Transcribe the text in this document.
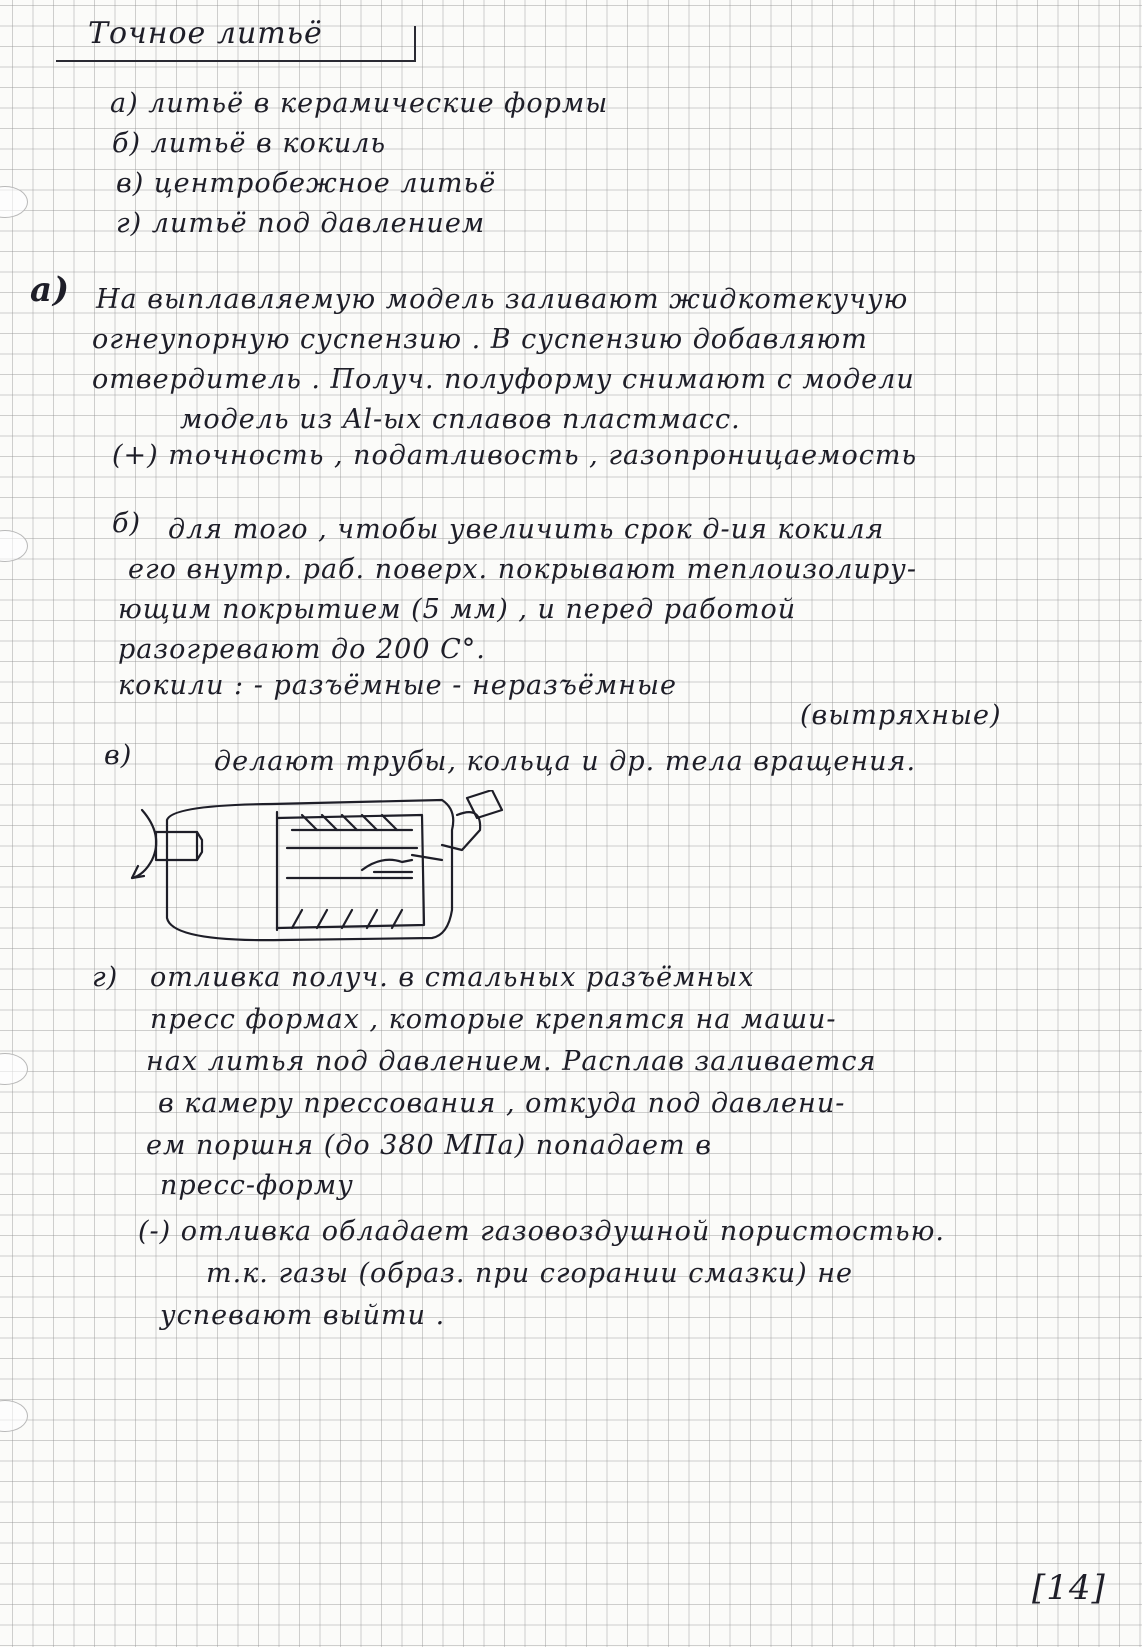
Точное литьё
а) литьё в керамические формы
б) литьё в кокиль
в) центробежное литьё
г) литьё под давлением
а) На выплавляемую модель заливают жидкотекучую
огнеупорную суспензию . В суспензию добавляют
отвердитель . Получ. полуформу снимают с модели
модель из Al-ых сплавов пластмасс.
(+) точность , податливость , газопроницаемость
б) для того , чтобы увеличить срок д-ия кокиля
его внутр. раб. поверх. покрывают теплоизолиру-
ющим покрытием (5 мм) , и перед работой
разогревают до 200 С°.
кокили : - разъёмные - неразъёмные
(вытряхные)
в)	делают трубы, кольца и др. тела вращения.
г) отливка получ. в стальных разъёмных
пресс формах , которые крепятся на маши-
нах литья под давлением. Расплав заливается
в камеру прессования , откуда под давлени-
ем поршня (до 380 МПа) попадает в
пресс-форму
(-) отливка обладает газовоздушной пористостью.
т.к. газы (образ. при сгорании смазки) не
успевают выйти .
[14]
